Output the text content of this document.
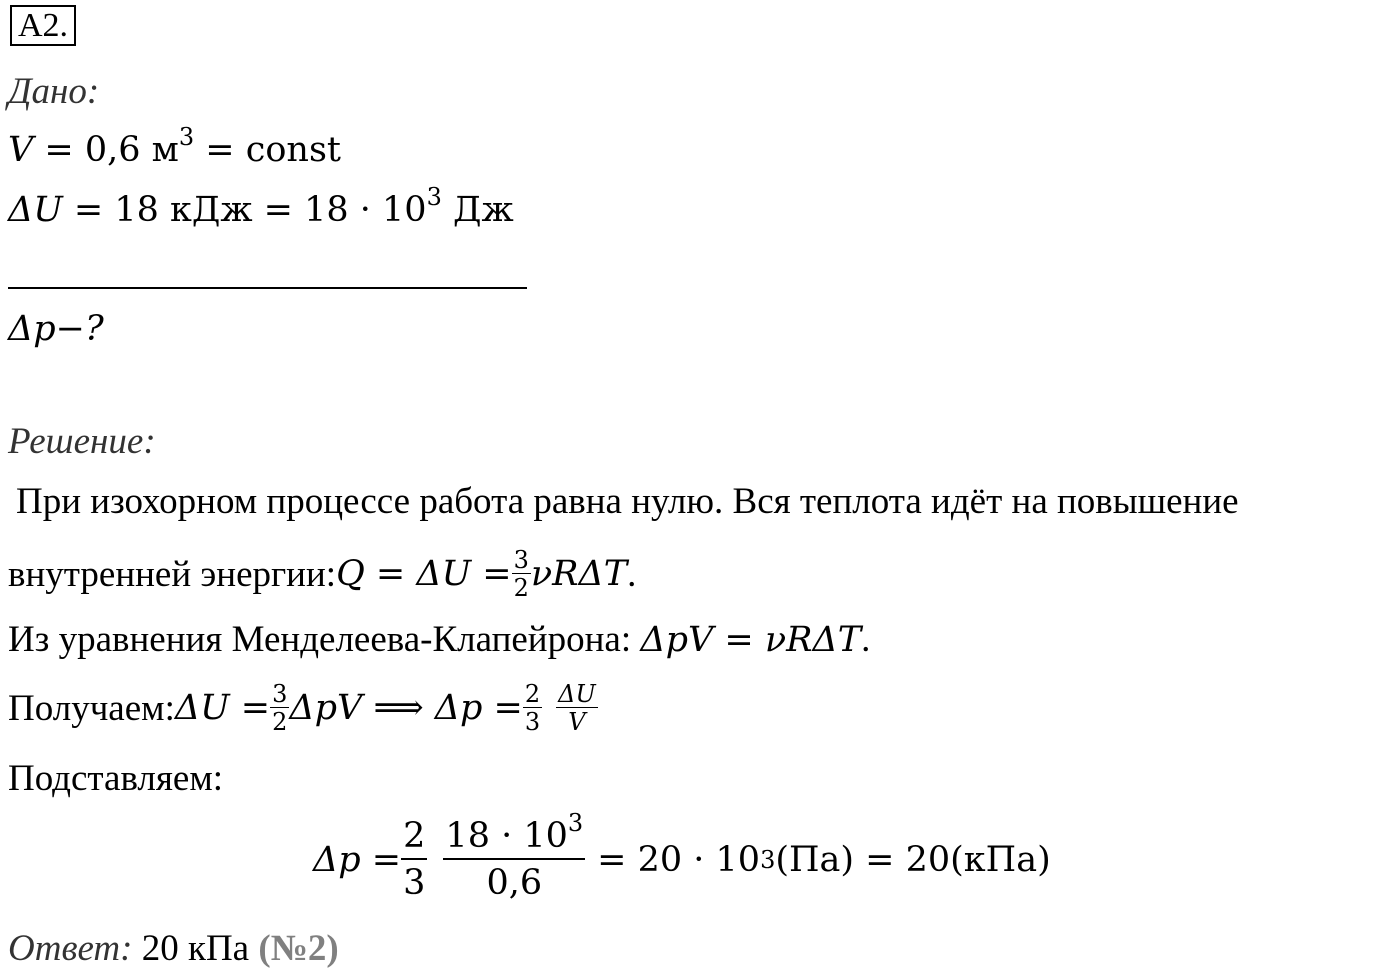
A2.
Дано:
V = 0,6 $м^3$ = const
ΔU = 18 кДж = $18 \cdot 10^3$ Дж
Δp−?
Решение:
При изохорном процессе работа равна нулю. Вся теплота идёт на повышение
внутренней энергии: $Q = \Delta U = \frac{3}{2}$ νRΔT .
Из уравнения Менделеева-Клапейрона: ΔpV = νRΔT.
Получаем: $\Delta U = \frac{3}{2}$ ΔpV ⟹ $\Delta p = \frac{2}{3} \frac{\Delta U}{V}$
Подставляем:
$\Delta p = \frac{2}{3} \frac{18 \cdot 10^3}{0,6} = 20 \cdot 10$ 3 (Па) = 20(кПа)
Ответ: 20 кПа (№2)
